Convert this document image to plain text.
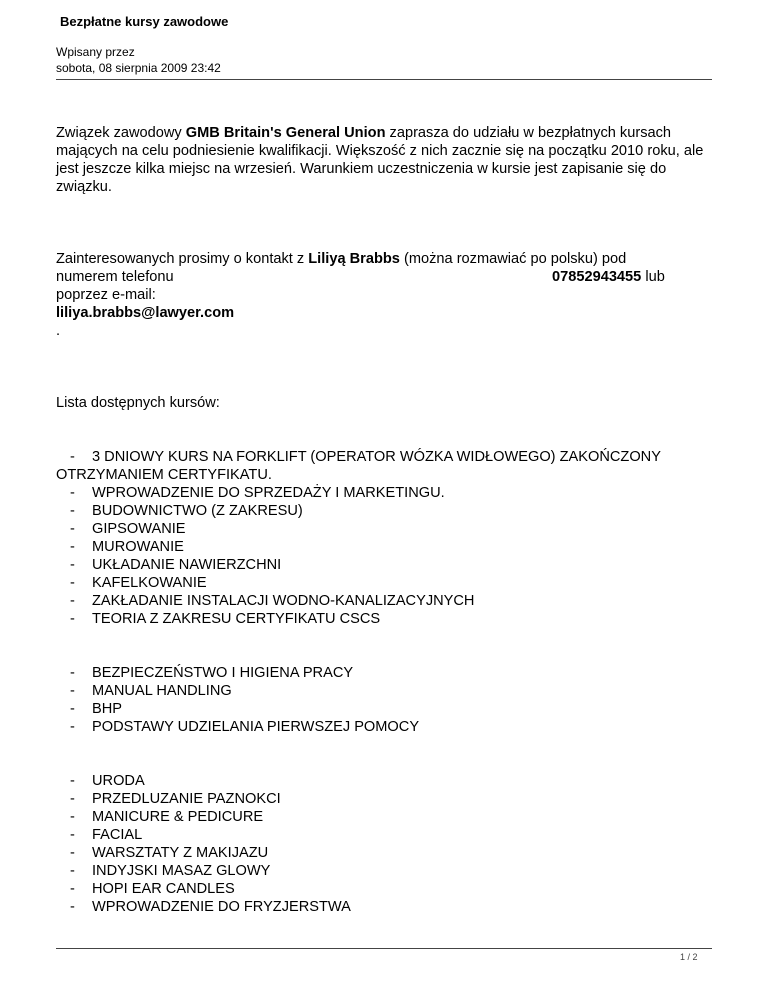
Bezpłatne kursy zawodowe
Wpisany przez
sobota, 08 sierpnia 2009 23:42

Związek zawodowy GMB Britain's General Union zaprasza do udziału w bezpłatnych kursach mających na celu podniesienie kwalifikacji. Większość z nich zacznie się na początku 2010 roku, ale jest jeszcze kilka miejsc na wrzesień. Warunkiem uczestniczenia w kursie jest zapisanie się do związku.

Zainteresowanych prosimy o kontakt z Liliyą Brabbs (można rozmawiać po polsku) pod

numerem telefonu	07852943455 lub
poprzez e-mail:
liliya.brabbs@lawyer.com
.

Lista dostępnych kursów:

- 3 DNIOWY KURS NA FORKLIFT (OPERATOR WÓZKA WIDŁOWEGO) ZAKOŃCZONY OTRZYMANIEM CERTYFIKATU.
- WPROWADZENIE DO SPRZEDAŻY I MARKETINGU.
- BUDOWNICTWO (Z ZAKRESU)
- GIPSOWANIE
- MUROWANIE
- UKŁADANIE NAWIERZCHNI
- KAFELKOWANIE
- ZAKŁADANIE INSTALACJI WODNO-KANALIZACYJNYCH
- TEORIA Z ZAKRESU CERTYFIKATU CSCS
- BEZPIECZEŃSTWO I HIGIENA PRACY
- MANUAL HANDLING
- BHP
- PODSTAWY UDZIELANIA PIERWSZEJ POMOCY
- URODA
- PRZEDLUZANIE PAZNOKCI
- MANICURE & PEDICURE
- FACIAL
- WARSZTATY Z MAKIJAZU
- INDYJSKI MASAZ GLOWY
- HOPI EAR CANDLES
- WPROWADZENIE DO FRYZJERSTWA
1 / 2
